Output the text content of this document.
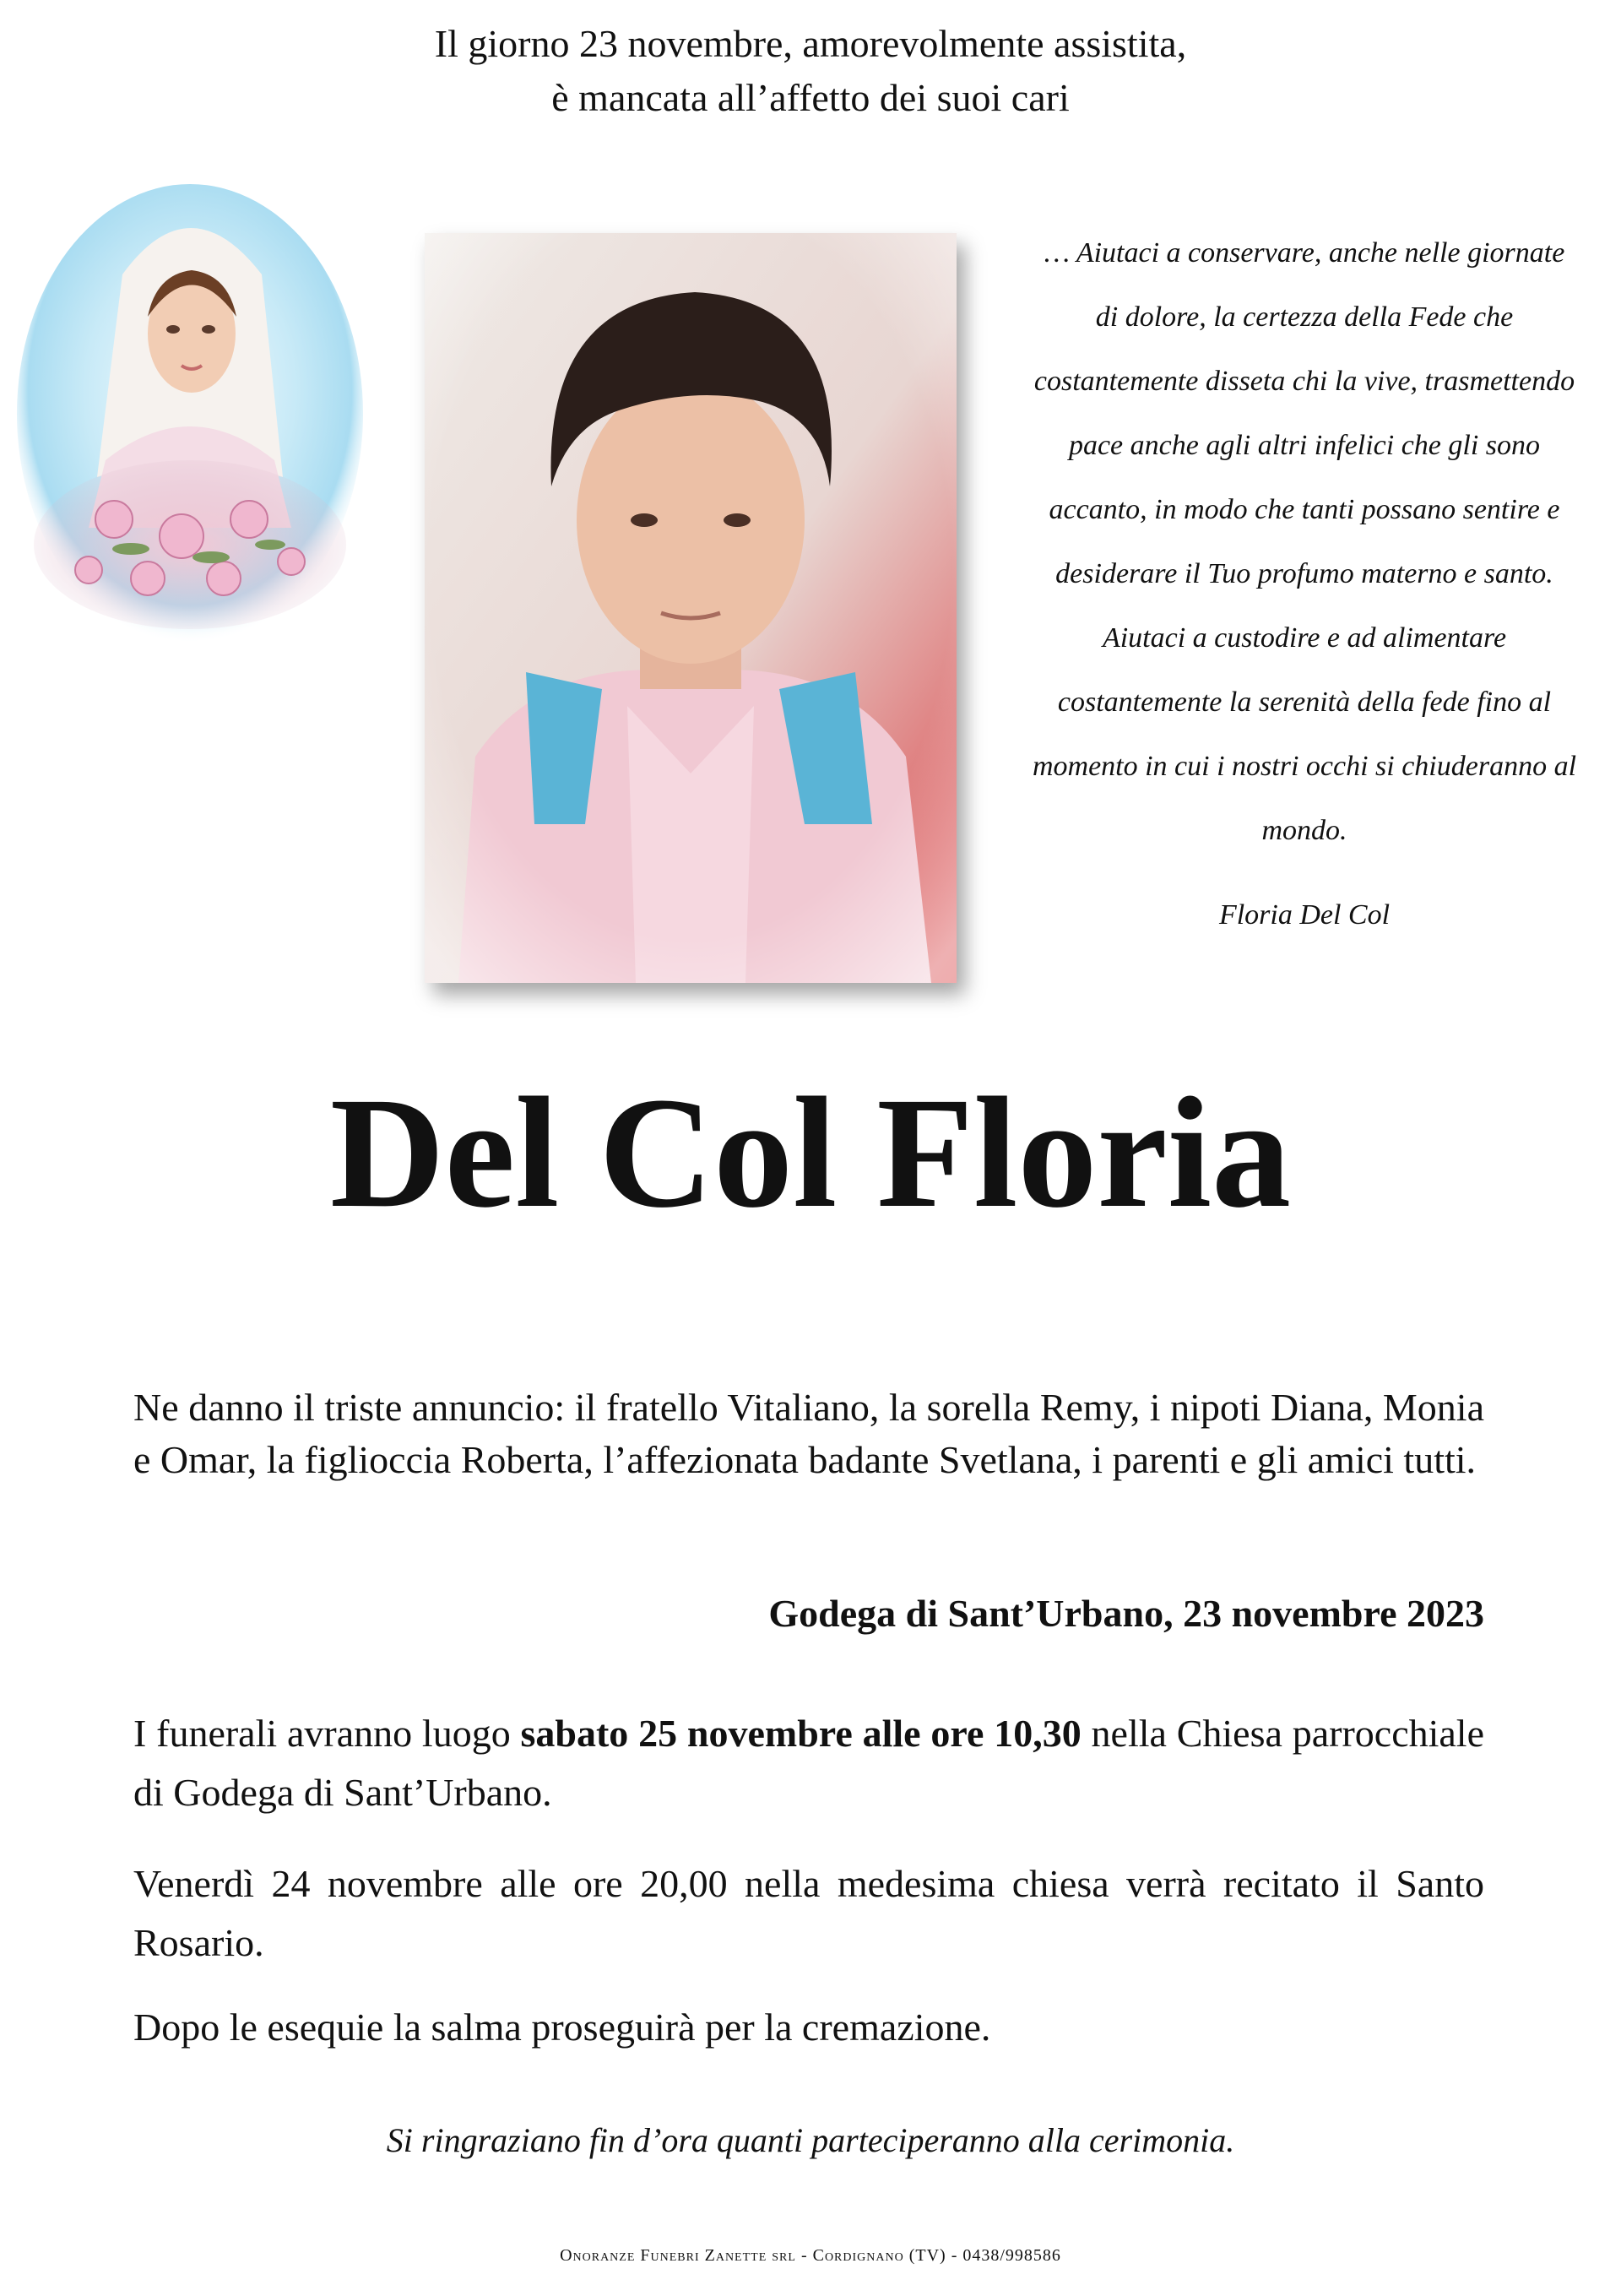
Il giorno 23 novembre, amorevolmente assistita,
è mancata all’affetto dei suoi cari
… Aiutaci a conservare, anche nelle giornate
di dolore, la certezza della Fede che
costantemente disseta chi la vive, trasmettendo
pace anche agli altri infelici che gli sono
accanto, in modo che tanti possano sentire e
desiderare il Tuo profumo materno e santo.
Aiutaci a custodire e ad alimentare
costantemente la serenità della fede fino al
momento in cui i nostri occhi si chiuderanno al
mondo.
Floria Del Col
Del Col Floria
Ne danno il triste annuncio: il fratello Vitaliano, la sorella Remy, i nipoti Diana, Monia e Omar, la figlioccia Roberta, l’affezionata badante Svetlana, i parenti e gli amici tutti.
Godega di Sant’Urbano, 23 novembre 2023
I funerali avranno luogo sabato 25 novembre alle ore 10,30 nella Chiesa parrocchiale di Godega di Sant’Urbano.
Venerdì 24 novembre alle ore 20,00 nella medesima chiesa verrà recitato il Santo Rosario.
Dopo le esequie la salma proseguirà per la cremazione.
Si ringraziano fin d’ora quanti parteciperanno alla cerimonia.
Onoranze Funebri Zanette srl - Cordignano (TV) - 0438/998586
